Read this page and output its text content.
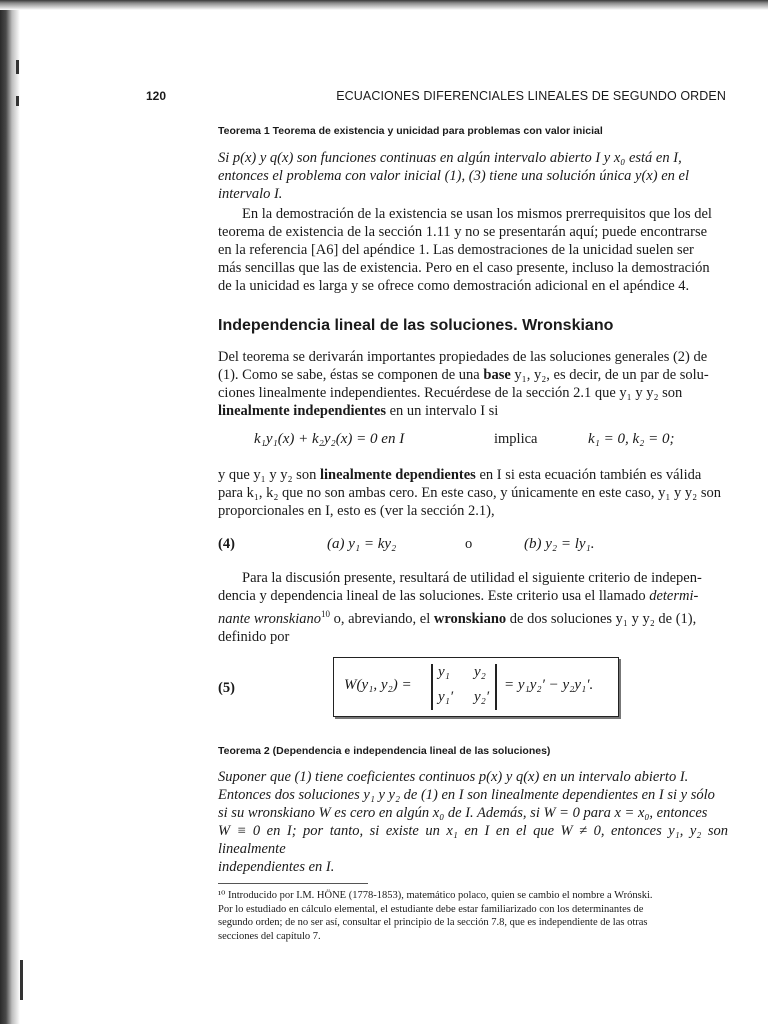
120	ECUACIONES DIFERENCIALES LINEALES DE SEGUNDO ORDEN
Teorema 1 Teorema de existencia y unicidad para problemas con valor inicial
Si p(x) y q(x) son funciones continuas en algún intervalo abierto I y x₀ está en I,
entonces el problema con valor inicial (1), (3) tiene una solución única y(x) en el
intervalo I.
En la demostración de la existencia se usan los mismos prerrequisitos que los del
teorema de existencia de la sección 1.11 y no se presentarán aquí; puede encontrarse
en la referencia [A6] del apéndice 1. Las demostraciones de la unicidad suelen ser
más sencillas que las de existencia. Pero en el caso presente, incluso la demostración
de la unicidad es larga y se ofrece como demostración adicional en el apéndice 4.
Independencia lineal de las soluciones. Wronskiano
Del teorema se derivarán importantes propiedades de las soluciones generales (2) de
(1). Como se sabe, éstas se componen de una base y₁, y₂, es decir, de un par de solu-
ciones linealmente independientes. Recuérdese de la sección 2.1 que y₁ y y₂ son
linealmente independientes en un intervalo I si
k₁y₁(x) + k₂y₂(x) = 0 en I	implica	k₁ = 0, k₂ = 0;
y que y₁ y y₂ son linealmente dependientes en I si esta ecuación también es válida
para k₁, k₂ que no son ambas cero. En este caso, y únicamente en este caso, y₁ y y₂ son
proporcionales en I, esto es (ver la sección 2.1),
(4)	(a) y₁ = ky₂	o	(b) y₂ = ly₁.
Para la discusión presente, resultará de utilidad el siguiente criterio de indepen-
dencia y dependencia lineal de las soluciones. Este criterio usa el llamado determi-
nante wronskiano$^{10}$ o, abreviando, el wronskiano de dos soluciones y₁ y y₂ de (1),
definido por
(5)	W(y₁, y₂) =
y₁ y₂
y₁′ y₂′
= y₁y₂′ − y₂y₁′.
Teorema 2 (Dependencia e independencia lineal de las soluciones)
Suponer que (1) tiene coeficientes continuos p(x) y q(x) en un intervalo abierto I.
Entonces dos soluciones y₁ y y₂ de (1) en I son linealmente dependientes en I si y sólo
si su wronskiano W es cero en algún x₀ de I. Además, si W = 0 para x = x₀, entonces
W ≡ 0 en I; por tanto, si existe un x₁ en I en el que W ≠ 0, entonces y₁, y₂ son linealmente
independientes en I.
¹⁰ Introducido por I.M. HÖNE (1778-1853), matemático polaco, quien se cambio el nombre a Wrónski.
Por lo estudiado en cálculo elemental, el estudiante debe estar familiarizado con los determinantes de
segundo orden; de no ser así, consultar el principio de la sección 7.8, que es independiente de las otras
secciones del capítulo 7.
